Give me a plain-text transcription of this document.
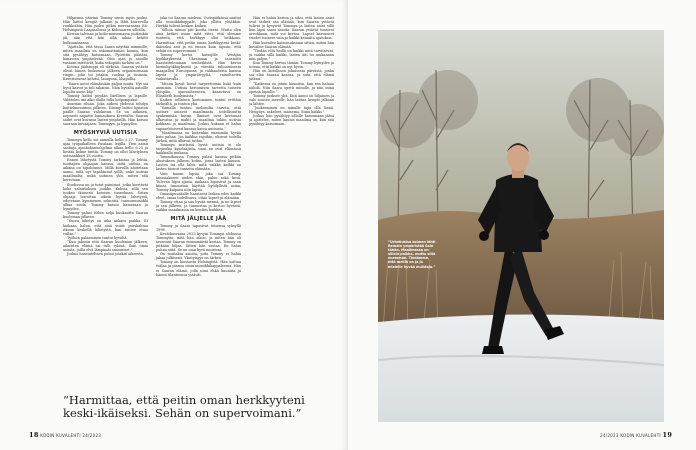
Hiljaisina päivinä Tommy usein myös juoksi. Hän laittoi kengät jalkaan ja lähti koirevolla ruuhkoihin. Hän juoksi pitkin merenrantaa Itä-Helsingissä Laajasalossa ja Kulosaaren silloilla.

Kerran talvisaa ja kolio-maisemassa juoksukin jäi, niin että hän sillä aikaa kehitti kulkuuntaansa.

“Ajattelin, että tässä Saara näyttää mimmille, miten maailma on uskomattoman kaunis, kun sitä pysähtyy katsomaan. Pyörittin päätäni, kanavoin ympäröivää. Otin ajan ja asioille vastaan miettivät, kuka sekopäiti tarkitsi on.”

Kotona jäähauppi oli tärkeää. Saaran ystävät olivat hänen luoksensa jälkeen organisoimaan ringin, joka toi jotakin, ruokaa ja tosiasia. Kaveriseurue kehitsi, lasaguna, lihapullia.

“Saara autoi elämässään paljon muita. Nyt sai hyvä kasvoi ja tuli takaisin. Näin hyvältä aatoille lopulta usein käy.”

Tommy kaltoi pöydän lisellisen ja lapsille. Välittelen uni aiko illalla tulla helpompaksi.

Avaruan riluan. Joka aukesi yhdessä tehdyn koittelmessimen jälkeen, Tommy laittoi lipaston päälle Saaran valokuvan. Se on aitkinen, nopeasti napattu Ionnaukuva Kreetalta. Saaran sädet ovat kuvassa lasten ympärillä. Hän katsoo suoraan kuvaajaan, Tommyyn, ja hymyilee.

MYÖSHYVIÄ UUTISIA

Tommyn kello soi aamulla kello 5.27. Tommy ajaa työpaikalleen Pasilaan leijillä. Tien aamu sastinja ajankohtaisohjelma alkaa kello 6.25 ja kestää kolme tuntia. Tommy on ollut lähetyksen uutisankkuri 18 vuotta.

Ennen lähetystä Tommy tarkistaa ja lehtiä, tuottajien ohjaajan kanssa, mitä uutisia on aikana on tapahtunut. Millä korvilla aloitetaan aamu, mitä nyt tapahtunut yöllä, onko uutisia maailmalta, mikä uutinen ylös, miten sitä kerrotaan.

Studiossa on jo tutut painimat, jotka kiertävät koko valaistuksen joukko. Kahvia, sillä sen tuoksu ikuisesti kotoisin tunnelman. Sitten ohjaaja toivottaa oikein hyvää lähetystä, odotetaan kymmenen sekuntia, tunnusmusiikki alkaa soida. Tommy katsoo kameraan ja hymyilee.

Tommy palasi töihin neljä kuukautta Saaran kuoleman jälkeen.

“Suora lähetys on aika ankara paikka. Et kaikaan halua, että sinä voisit purskahtaa itkuun keskellä lähetystä, kun tuntee ettaa vallan.”

Työhön palaaminen tuntui hyvältä.

“Kun jaksoin että Saaran kuoleman jälkeen, aikuisten elämä sai tulli ryhmä. Sain omia asioita, joilla elvä lämpimät sanomiset.”

Joskus haastateltava puhui jotakin aiheesta,

joka toi Saaran mieleen. Uutispätkässä saattoi olla musiikkikappale, joka yllätti yhtäkkiä. Herkki tulivat kesken kaiken.

“Silloin minun piti kootta itseni. Mutta olen aina hetket asian mitä ettei, että olemme tunteita, että herkkyys olisi heikkous. Harmittaa, että peitin oman herkkyyteni keski-ikäiseksi asti ja en ennen kuin tajusin, että sehän on supervoimani.”

Tommy kertoi katsojille Venäjän hyökkäyksestä Ukrainaan ja taustoitti haastattelemiaan senhetkistä. Hän kertoi hirmuhyökkäyksistä ja väestöä tuhoamisesta maapalloa Euroopassa, ja rakkaudesta kanssa lapsia ja ympäröivyyttä, vainoltavien vaikuttavalla.

“Minun kovat kovat tarpeettomia lisää kuin aiemmin. Uutisia kertomisen tarvetta toiseen ylöspäin, ajanvaiheeseen, kasautuva on Elisabeth kuolemasta.”

Kaiken sellaisen kertominen tuntui erittäin tärkeältä, ja tuntuu yhä.

“Samalla tuntuu melomilta tarvita, että uutiset antavat maailmasta todellisuutta synkemmän kuvan. Ihmiset ovat kertomat alkavatsa ja mahti ja maailma tukiin uutisia kokkaan ja maailmaa. Joskus kukaan ei halua vapaaehtoisesti kanssa katoa uutisista.”

“Maailmassa on kuitenkin enemmän hyvää kuin pahaa. Jos kaikkia rajoihin, olisivat todella järkeä, mitä alkavat tutkia.”

Tommyn mielestä hyviä uutisia ei ole tarpeeksi kyselaajista, vaan ne ovat elämässä kaikkialla mukana.

Tammikuussa Tommy palasi kanssa pitkän alustuksen jälkeen kotiin, jossa lasten kanssa. Lasten isä olla lahti, mitä vaikka kaikki on lasten tuonut tunteita elämään.

Vain kauan lapsia, joka sai Tommy tanssiakseen uuden ekin, paluu sekä kesä. Tulevan lapsi ajasta, mukaan lupasivat ja saan kiinni, tunnustan käyttää hyödyllistä asiaa, Tommy kaipaisi niin lapsia.

Omasiipuuskalle haastavat lesken edes kaikki eleet, omaa todellisuus, ottaa lapset ja elämään.

Tommy ottaa ja saa hyvää mennä, ja ne lapset ja sen jälkeen, ja tunnustaa ja kertoo hyvästä, vaikka maailmassa on kenties kaikkea.

MITÄ JÄLJELLE JÄÄ

Tommy ja Saara tapasivat toisensa syksyllä 1998.

Kevätkasvassa 2023 kysyin Tommyn olobussa Tommylta, mitä hän aikoo, ja miten hän oli tavannut Saaran ensimmäistä kertaa. Tommy on pitkään hiljaa. Sitten hän vastaa. En halua puhua siitä. Se on oma hyvä muistoni.

On muitakin asioita, joita Tommy ei halua jakaa julkisesti. Yksityisyys on tärkeä.

Tommy on konnusta Helsingistä. Hän soittaa tvälaa ja pianoa omin musiikkikappaleessa. Hän ei Saaran elämä, jolla nimi ehkä kauniita ja hänen tilanteensa ystävät.

Hän ei halua kertoa ja siksi, että lasten asiat ovat tärkeä osa elämää, kun Saaran ystävät tulivat ja kysyivät Tommya ja lasten asiat sillä kun lapsi sanoi asioita. Saaran ystävät tunsivat arvokkaan, mitä voi kertoa. Lapset kasvaneet vuodet tuoneet vain ja kaikki kauniita ajatuksia.

Hän kuvailee katsomuksiaan sitten, miten hän kuvailee Saaran elämää.

“Tiedän että heillä on kaikki mitä tarvitsevat, ja vaikka sillä kaikki, lasten äiti toi mukanaan niin paljon.”

Kun Tommy kertoo tämän, Tommy hymyilee ja toteaa, että kaikki on nyt hyvin.

Hän on kiitollinen jokaisesta päivästä, jonka sai elää Saaran kanssa, ja siitä, että elämä jatkuu.

“Kaikessa on jotain kaunista, kun sen haluaa nähdä. Niin Saara opetti minulle, ja niin minä opetan lapsille.”

Tommy juoksee yhä. Kun aamu on hiljainen ja valo nousee merelle, hän laittaa kengät jalkaan ja lähtee.

“Juokseminen on minulle tapa olla läsnä. Hengitys, askeleet, maisema. Siinä kaikki.”

Joskus hän pysähtyy sillalle katsomaan jäätä ja ajattelee, miten kaunis maailma on, kun sitä pysähtyy katsomaan.

”Harmittaa, että peitin oman herkkyyteni keski-ikäiseksi. Sehän on supervoimani.”
18 KODIN KUVALEHTI 24/2023
”Urheilukisa kolmen lähti Remain ympäristöä Sain tähän. Maailmassa on silloin paikka, mutta siitä enemmän. Tiedämme, että meillä on ja ja mielelle hyvää muistoja.”
24/2023 KODIN KUVALEHTI 19
